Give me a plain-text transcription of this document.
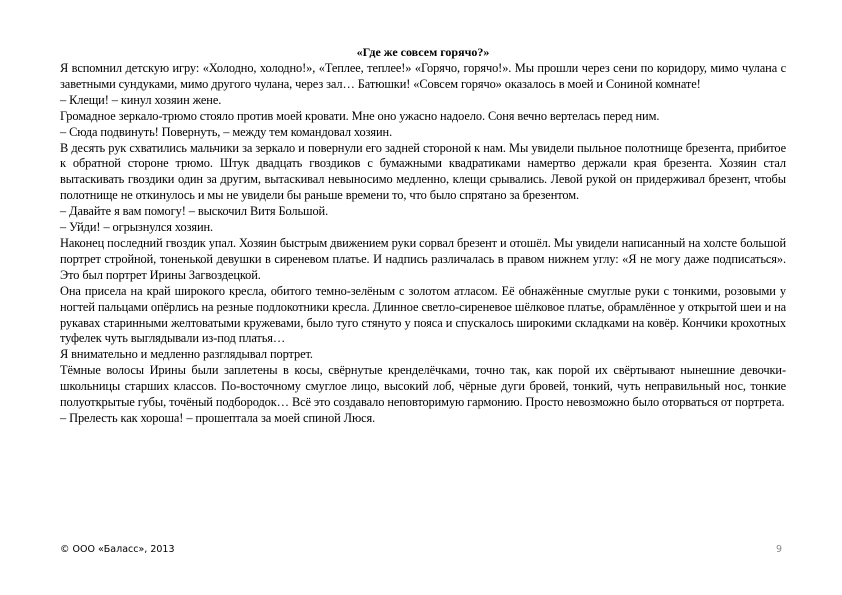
«Где же совсем горячо?»

Я вспомнил детскую игру: «Холодно, холодно!», «Теплее, теплее!» «Горячо, горячо!». Мы прошли через сени по коридору, мимо чулана с заветными сундуками, мимо другого чулана, через зал… Батюшки! «Совсем горячо» оказалось в моей и Сониной комнате!

– Клещи! – кинул хозяин жене.

Громадное зеркало-трюмо стояло против моей кровати. Мне оно ужасно надоело. Соня вечно вертелась перед ним.

– Сюда подвинуть! Повернуть, – между тем командовал хозяин.

В десять рук схватились мальчики за зеркало и повернули его задней стороной к нам. Мы увидели пыльное полотнище брезента, прибитое к обратной стороне трюмо. Штук двадцать гвоздиков с бумажными квадратиками намертво держали края брезента. Хозяин стал вытаскивать гвоздики один за другим, вытаскивал невыносимо медленно, клещи срывались. Левой рукой он придерживал брезент, чтобы полотнище не откинулось и мы не увидели бы раньше времени то, что было спрятано за брезентом.

– Давайте я вам помогу! – выскочил Витя Большой.

– Уйди! – огрызнулся хозяин.

Наконец последний гвоздик упал. Хозяин быстрым движением руки сорвал брезент и отошёл. Мы увидели написанный на холсте большой портрет стройной, тоненькой девушки в сиреневом платье. И надпись различалась в правом нижнем углу: «Я не могу даже подписаться». Это был портрет Ирины Загвоздецкой.

Она присела на край широкого кресла, обитого темно-зелёным с золотом атласом. Её обнажённые смуглые руки с тонкими, розовыми у ногтей пальцами опёрлись на резные подлокотники кресла. Длинное светло-сиреневое шёлковое платье, обрамлённое у открытой шеи и на рукавах старинными желтоватыми кружевами, было туго стянуто у пояса и спускалось широкими складками на ковёр. Кончики крохотных туфелек чуть выглядывали из-под платья…

Я внимательно и медленно разглядывал портрет.

Тёмные волосы Ирины были заплетены в косы, свёрнутые кренделёчками, точно так, как порой их свёртывают нынешние девочки-школьницы старших классов. По-восточному смуглое лицо, высокий лоб, чёрные дуги бровей, тонкий, чуть неправильный нос, тонкие полуоткрытые губы, точёный подбородок… Всё это создавало неповторимую гармонию. Просто невозможно было оторваться от портрета.

– Прелесть как хороша! – прошептала за моей спиной Люся.

© ООО «Баласс», 2013	9
